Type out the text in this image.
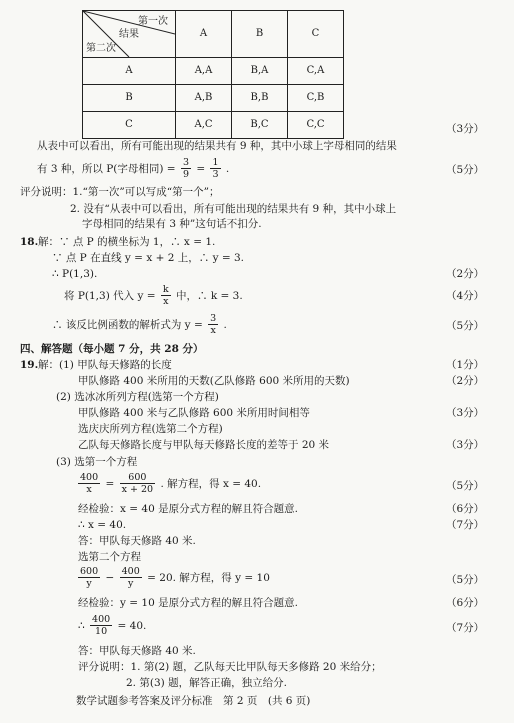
第一次
结果
第二次	A	B	C
A	A,A	B,A	C,A
B	A,B	B,B	C,B
C	A,C	B,C	C,C	（3分）
从表中可以看出，所有可能出现的结果共有 9 种，其中小球上字母相同的结果
有 3 种，所以 P(字母相同) = $\frac{3}{9} = \frac{1}{3}$ .	（5分）
评分说明：1.“第一次”可以写成“第一个”；
2. 没有“从表中可以看出，所有可能出现的结果共有 9 种，其中小球上
字母相同的结果有 3 种”这句话不扣分.
18. 解：∵ 点 P 的横坐标为 1，∴ x = 1.
∵ 点 P 在直线 y = x + 2 上，∴ y = 3.
∴ P(1,3).	（2分）
将 P(1,3) 代入 $y = \frac{k}{x}$ 中，∴ k = 3.	（4分）
∴ 该反比例函数的解析式为 $y = \frac{3}{x}$ .	（5分）
四、解答题（每小题 7 分，共 28 分）
19. 解：(1) 甲队每天修路的长度	（1分）
甲队修路 400 米所用的天数(乙队修路 600 米所用的天数)	（2分）
(2) 选冰冰所列方程(选第一个方程)
甲队修路 400 米与乙队修路 600 米所用时间相等	（3分）
选庆庆所列方程(选第二个方程)
乙队每天修路长度与甲队每天修路长度的差等于 20 米	（3分）
(3) 选第一个方程
$\frac{400}{x} = \frac{600}{x + 20}$ . 解方程，得 x = 40.	（5分）
经检验：x = 40 是原分式方程的解且符合题意.	（6分）
∴ x = 40.	（7分）
答：甲队每天修路 40 米.
选第二个方程
$\frac{600}{y} - \frac{400}{y} = 20$. 解方程，得 y = 10	（5分）
经检验：y = 10 是原分式方程的解且符合题意.	（6分）
∴ $\frac{400}{10} = 40$.	（7分）
答：甲队每天修路 40 米.
评分说明：1. 第(2) 题，乙队每天比甲队每天多修路 20 米给分；
2. 第(3) 题，解答正确，独立给分.
数学试题参考答案及评分标准　第 2 页　(共 6 页)
